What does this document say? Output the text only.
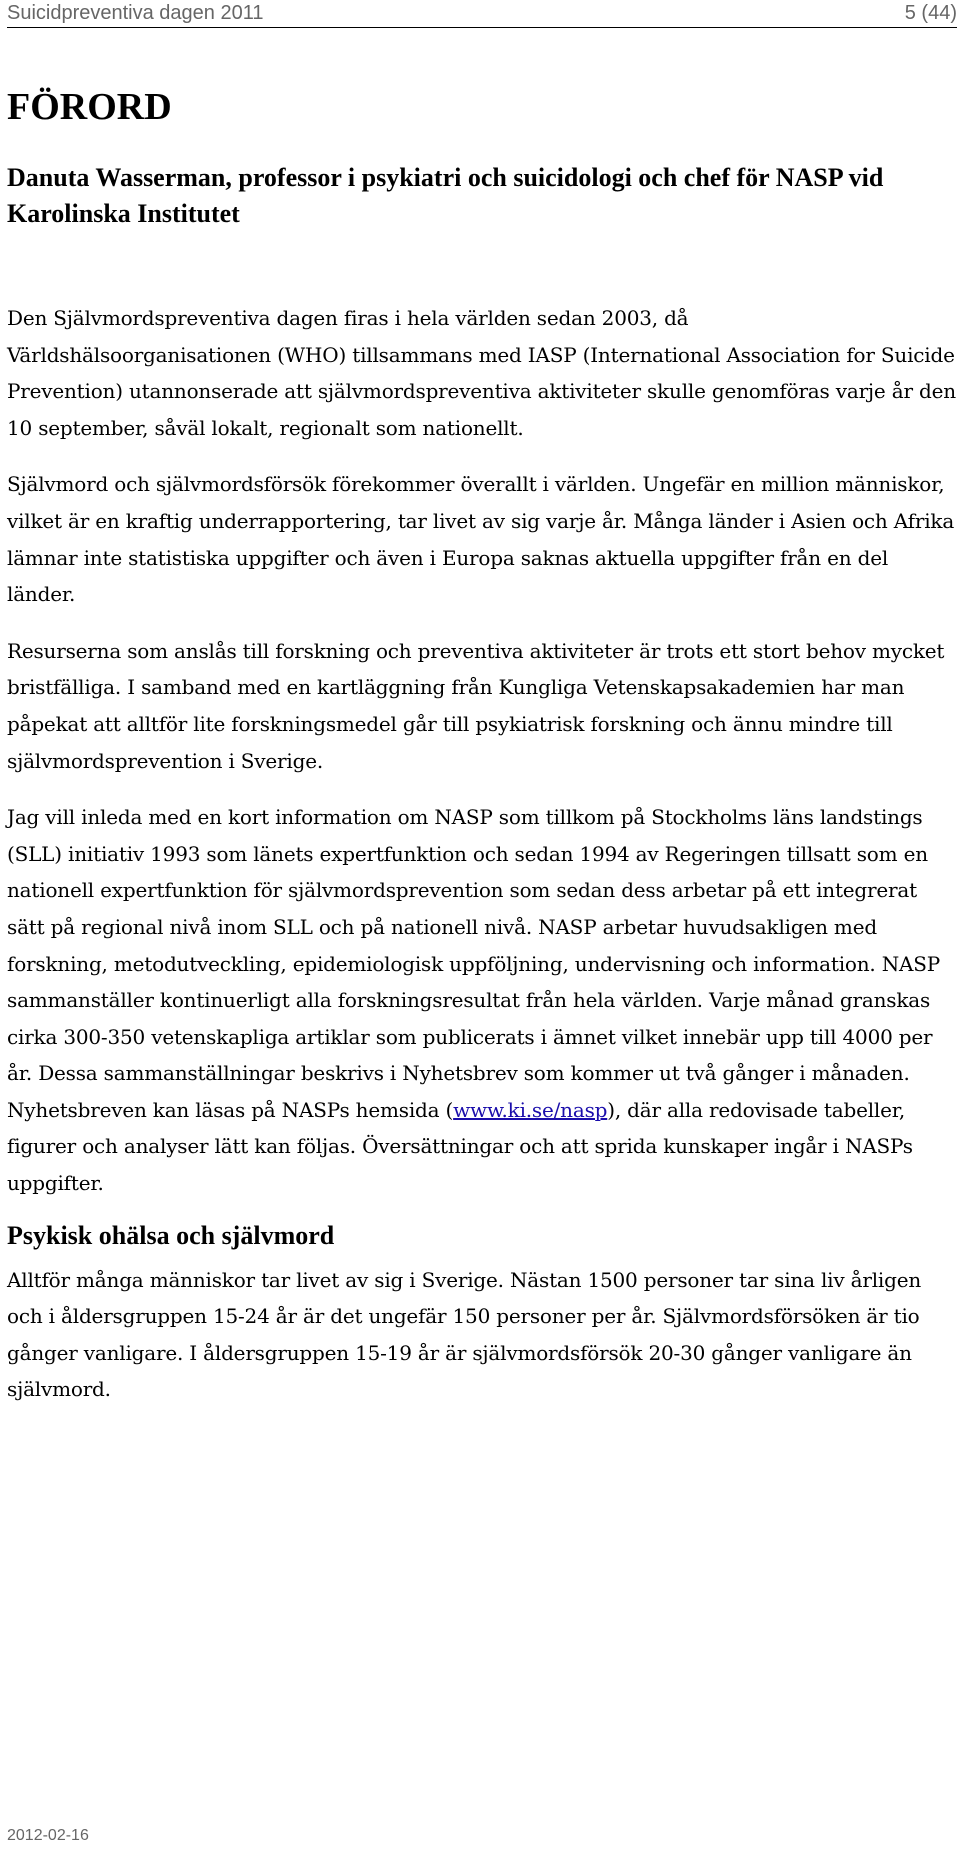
Suicidpreventiva dagen 2011	5 (44)
FÖRORD
Danuta Wasserman, professor i psykiatri och suicidologi och chef för NASP vid Karolinska Institutet

Den Självmordspreventiva dagen firas i hela världen sedan 2003, då Världshälsoorganisationen (WHO) tillsammans med IASP (International Association for Suicide Prevention) utannonserade att självmordspreventiva aktiviteter skulle genomföras varje år den 10 september, såväl lokalt, regionalt som nationellt.

Självmord och självmordsförsök förekommer överallt i världen. Ungefär en million människor, vilket är en kraftig underrapportering, tar livet av sig varje år. Många länder i Asien och Afrika lämnar inte statistiska uppgifter och även i Europa saknas aktuella uppgifter från en del länder.

Resurserna som anslås till forskning och preventiva aktiviteter är trots ett stort behov mycket bristfälliga. I samband med en kartläggning från Kungliga Vetenskapsakademien har man påpekat att alltför lite forskningsmedel går till psykiatrisk forskning och ännu mindre till självmordsprevention i Sverige.

Jag vill inleda med en kort information om NASP som tillkom på Stockholms läns landstings (SLL) initiativ 1993 som länets expertfunktion och sedan 1994 av Regeringen tillsatt som en nationell expertfunktion för självmordsprevention som sedan dess arbetar på ett integrerat sätt på regional nivå inom SLL och på nationell nivå. NASP arbetar huvudsakligen med forskning, metodutveckling, epidemiologisk uppföljning, undervisning och information. NASP sammanställer kontinuerligt alla forskningsresultat från hela världen. Varje månad granskas cirka 300-350 vetenskapliga artiklar som publicerats i ämnet vilket innebär upp till 4000 per år. Dessa sammanställningar beskrivs i Nyhetsbrev som kommer ut två gånger i månaden. Nyhetsbreven kan läsas på NASPs hemsida (www.ki.se/nasp), där alla redovisade tabeller, figurer och analyser lätt kan följas. Översättningar och att sprida kunskaper ingår i NASPs uppgifter.

Psykisk ohälsa och självmord

Alltför många människor tar livet av sig i Sverige. Nästan 1500 personer tar sina liv årligen och i åldersgruppen 15-24 år är det ungefär 150 personer per år. Självmordsförsöken är tio gånger vanligare. I åldersgruppen 15-19 år är självmordsförsök 20-30 gånger vanligare än självmord.

2012-02-16
